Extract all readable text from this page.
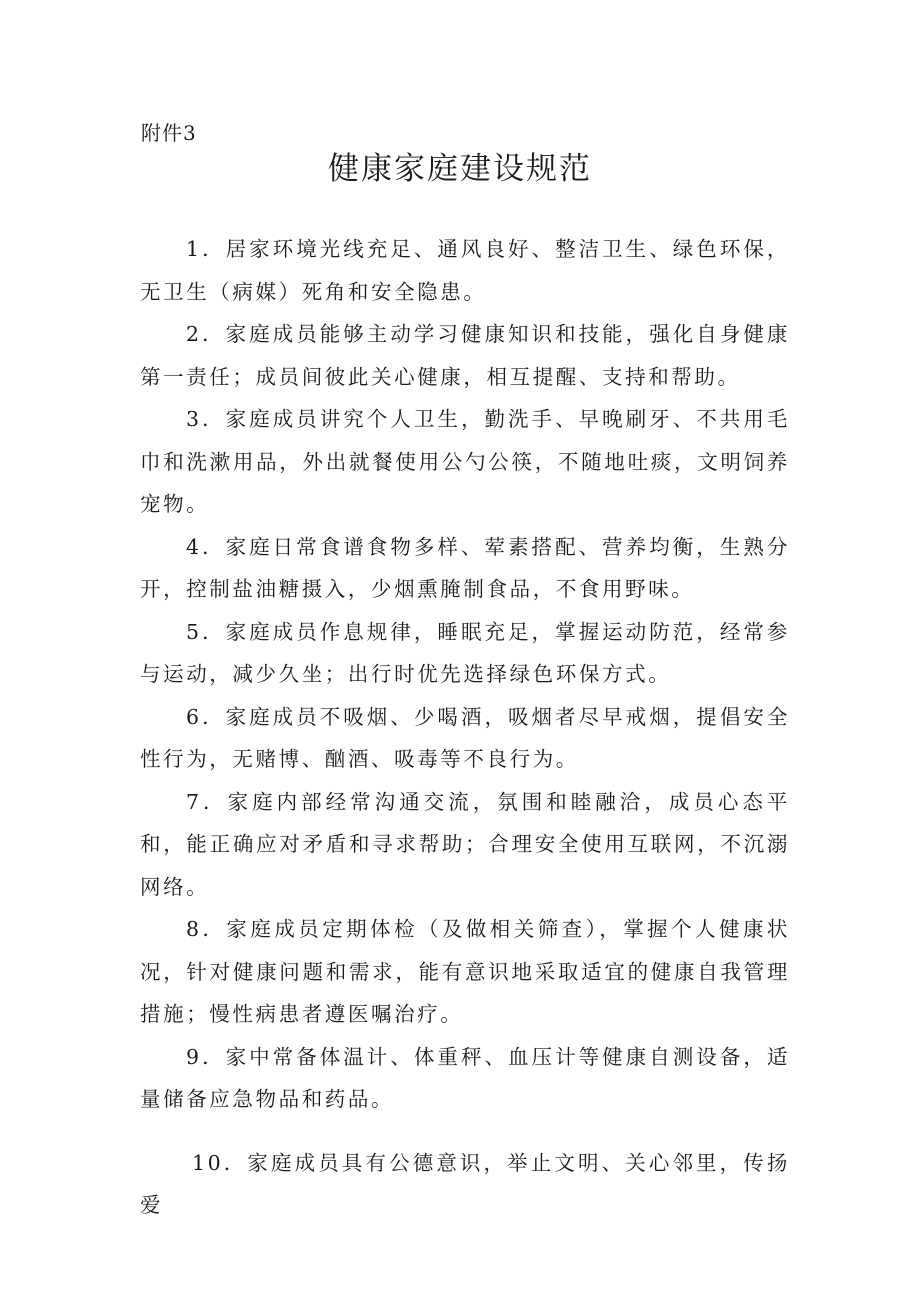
附件3
健康家庭建设规范

1．居家环境光线充足、通风良好、整洁卫生、绿色环保，无卫生（病媒）死角和安全隐患。

2．家庭成员能够主动学习健康知识和技能，强化自身健康第一责任；成员间彼此关心健康，相互提醒、支持和帮助。

3．家庭成员讲究个人卫生，勤洗手、早晚刷牙、不共用毛巾和洗漱用品，外出就餐使用公勺公筷，不随地吐痰，文明饲养宠物。

4．家庭日常食谱食物多样、荤素搭配、营养均衡，生熟分开，控制盐油糖摄入，少烟熏腌制食品，不食用野味。

5．家庭成员作息规律，睡眠充足，掌握运动防范，经常参与运动，减少久坐；出行时优先选择绿色环保方式。

6．家庭成员不吸烟、少喝酒，吸烟者尽早戒烟，提倡安全性行为，无赌博、酗酒、吸毒等不良行为。

7．家庭内部经常沟通交流，氛围和睦融洽，成员心态平和，能正确应对矛盾和寻求帮助；合理安全使用互联网，不沉溺网络。

8．家庭成员定期体检（及做相关筛查），掌握个人健康状况，针对健康问题和需求，能有意识地采取适宜的健康自我管理措施；慢性病患者遵医嘱治疗。

9．家中常备体温计、体重秤、血压计等健康自测设备，适量储备应急物品和药品。

10．家庭成员具有公德意识，举止文明、关心邻里，传扬爱
